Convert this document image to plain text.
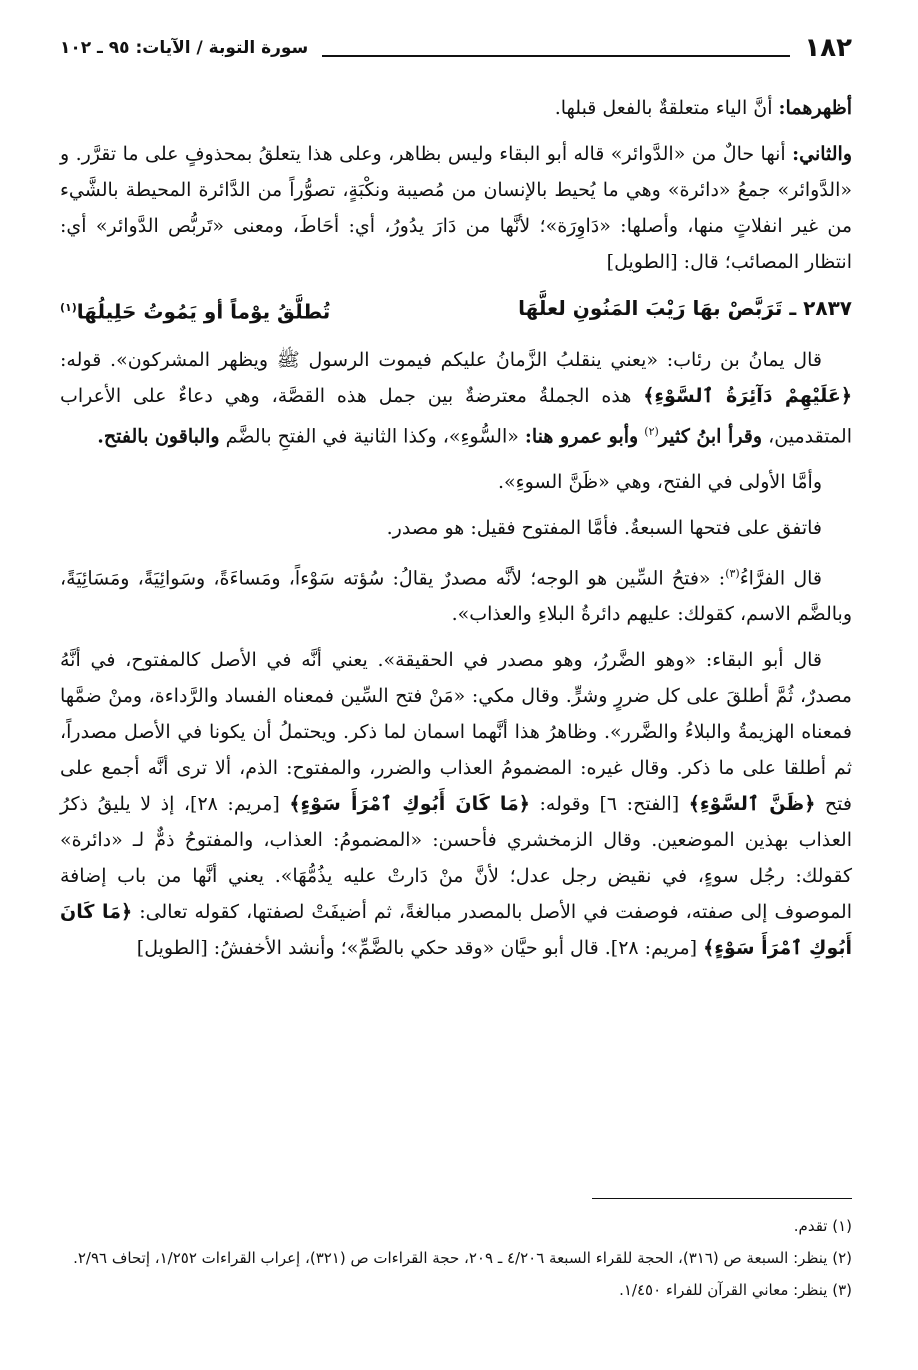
١٨٢
سورة التوبة / الآيات: ٩٥ ـ ١٠٢

أظهرهما: أنَّ الياء متعلقةٌ بالفعل قبلها.

والثاني: أنها حالٌ من «الدَّوائر» قاله أبو البقاء وليس بظاهر، وعلى هذا يتعلقُ بمحذوفٍ على ما تقرَّر. و «الدَّوائر» جمعُ «دائرة» وهي ما يُحيط بالإنسان من مُصيبة ونكْبَةٍ، تصوُّراً من الدَّائرة المحيطة بالشَّيء من غير انفلاتٍ منها، وأصلها: «دَاوِرَة»؛ لأنَّها من دَارَ يدُورُ، أي: أحَاطَ، ومعنى «تَربُّص الدَّوائر» أي: انتظار المصائب؛ قال: [الطويل]

٢٨٣٧ ـ تَرَبَّصْ بهَا رَيْبَ المَنُونِ لعلَّهَا
تُطلَّقُ يوْماً أو يَمُوتُ حَلِيلُهَا$^{(١)}$

قال يمانُ بن رئاب: «يعني ينقلبُ الزَّمانُ عليكم فيموت الرسول ﷺ ويظهر المشركون». قوله: ﴿عَلَيْهِمْ دَآئِرَةُ ٱلسَّوْءِ﴾ هذه الجملةُ معترضةٌ بين جمل هذه القصَّة، وهي دعاءٌ على الأعراب المتقدمين، وقرأ ابنُ كثير$^{(٢)}$ وأبو عمرو هنا: «السُّوءِ»، وكذا الثانية في الفتحِ بالضَّم والباقون بالفتح.

وأمَّا الأولى في الفتح، وهي «ظَنَّ السوءِ».

فاتفق على فتحها السبعةُ. فأمَّا المفتوح فقيل: هو مصدر.

قال الفرَّاءُ$^{(٣)}$: «فتحُ السِّين هو الوجه؛ لأنَّه مصدرٌ يقالُ: سُؤته سَوْءاً، ومَساءَةً، وسَوائِيَةً، ومَسَائِيَةً، وبالضَّم الاسم، كقولك: عليهم دائرةُ البلاءِ والعذاب».

قال أبو البقاء: «وهو الضَّررُ، وهو مصدر في الحقيقة». يعني أنَّه في الأصل كالمفتوح، في أنَّهُ مصدرٌ، ثُمَّ أطلقَ على كل ضررٍ وشرٍّ. وقال مكي: «مَنْ فتح السِّين فمعناه الفساد والرَّداءة، ومنْ ضمَّها فمعناه الهزيمةُ والبلاءُ والضَّرر». وظاهرُ هذا أنَّهما اسمان لما ذكر. ويحتملُ أن يكونا في الأصل مصدراً، ثم أطلقا على ما ذكر. وقال غيره: المضمومُ العذاب والضرر، والمفتوح: الذم، ألا ترى أنَّه أجمع على فتح ﴿ظَنَّ ٱلسَّوْءِ﴾ [الفتح: ٦] وقوله: ﴿مَا كَانَ أَبُوكِ ٱمْرَأَ سَوْءٍ﴾ [مريم: ٢٨]، إذ لا يليقُ ذكرُ العذاب بهذين الموضعين. وقال الزمخشري فأحسن: «المضمومُ: العذاب، والمفتوحُ ذمٌّ لـ «دائرة» كقولك: رجُل سوءٍ، في نقيض رجل عدل؛ لأنَّ منْ دَارتْ عليه يذُمُّهَا». يعني أنَّها من باب إضافة الموصوف إلى صفته، فوصفت في الأصل بالمصدر مبالغةً، ثم أضيفَتْ لصفتها، كقوله تعالى: ﴿مَا كَانَ أَبُوكِ ٱمْرَأَ سَوْءٍ﴾ [مريم: ٢٨]. قال أبو حيَّان «وقد حكي بالضَّمِّ»؛ وأنشد الأخفشُ: [الطويل]

(١) تقدم.
(٢) ينظر: السبعة ص (٣١٦)، الحجة للقراء السبعة ٤/٢٠٦ ـ ٢٠٩، حجة القراءات ص (٣٢١)، إعراب القراءات ١/٢٥٢، إتحاف ٢/٩٦.
(٣) ينظر: معاني القرآن للفراء ١/٤٥٠.
